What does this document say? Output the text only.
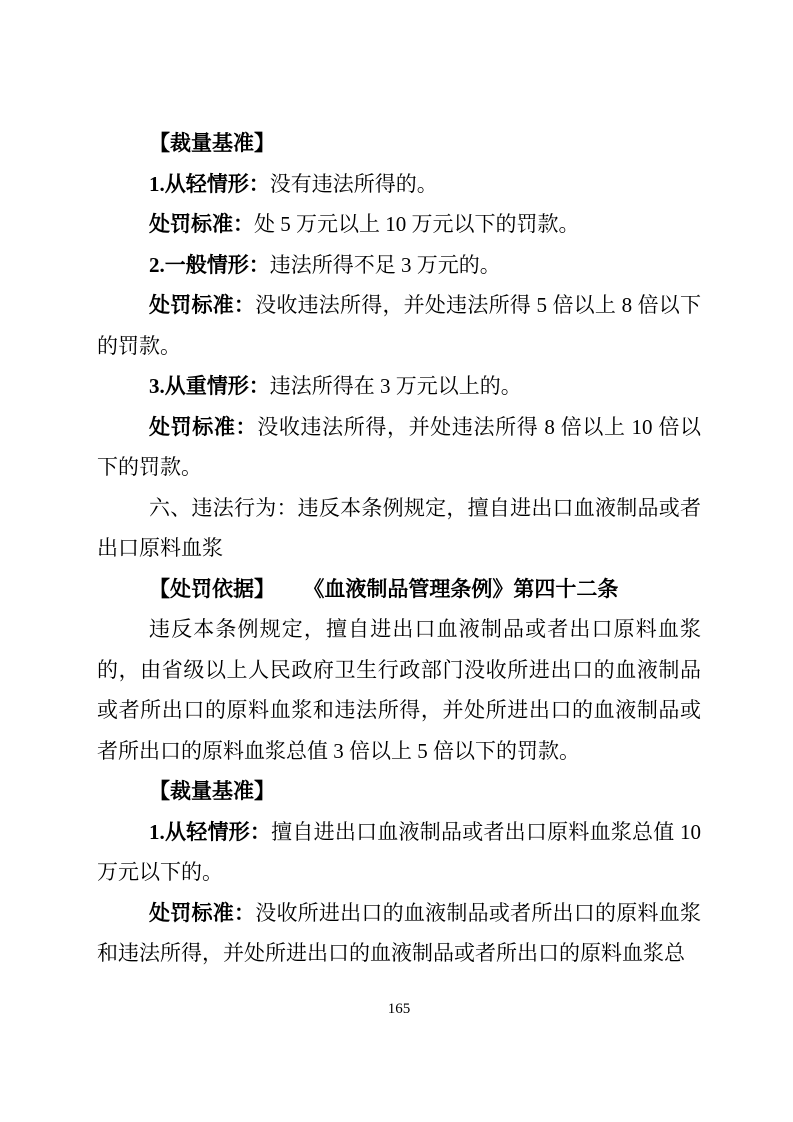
【裁量基准】

1.从轻情形：没有违法所得的。

处罚标准：处 5 万元以上 10 万元以下的罚款。

2.一般情形：违法所得不足 3 万元的。

处罚标准：没收违法所得，并处违法所得 5 倍以上 8 倍以下的罚款。

3.从重情形：违法所得在 3 万元以上的。

处罚标准：没收违法所得，并处违法所得 8 倍以上 10 倍以下的罚款。

六、违法行为：违反本条例规定，擅自进出口血液制品或者出口原料血浆

【处罚依据】 《血液制品管理条例》第四十二条

违反本条例规定，擅自进出口血液制品或者出口原料血浆的，由省级以上人民政府卫生行政部门没收所进出口的血液制品或者所出口的原料血浆和违法所得，并处所进出口的血液制品或者所出口的原料血浆总值 3 倍以上 5 倍以下的罚款。

【裁量基准】

1.从轻情形：擅自进出口血液制品或者出口原料血浆总值 10 万元以下的。

处罚标准：没收所进出口的血液制品或者所出口的原料血浆和违法所得，并处所进出口的血液制品或者所出口的原料血浆总

165
